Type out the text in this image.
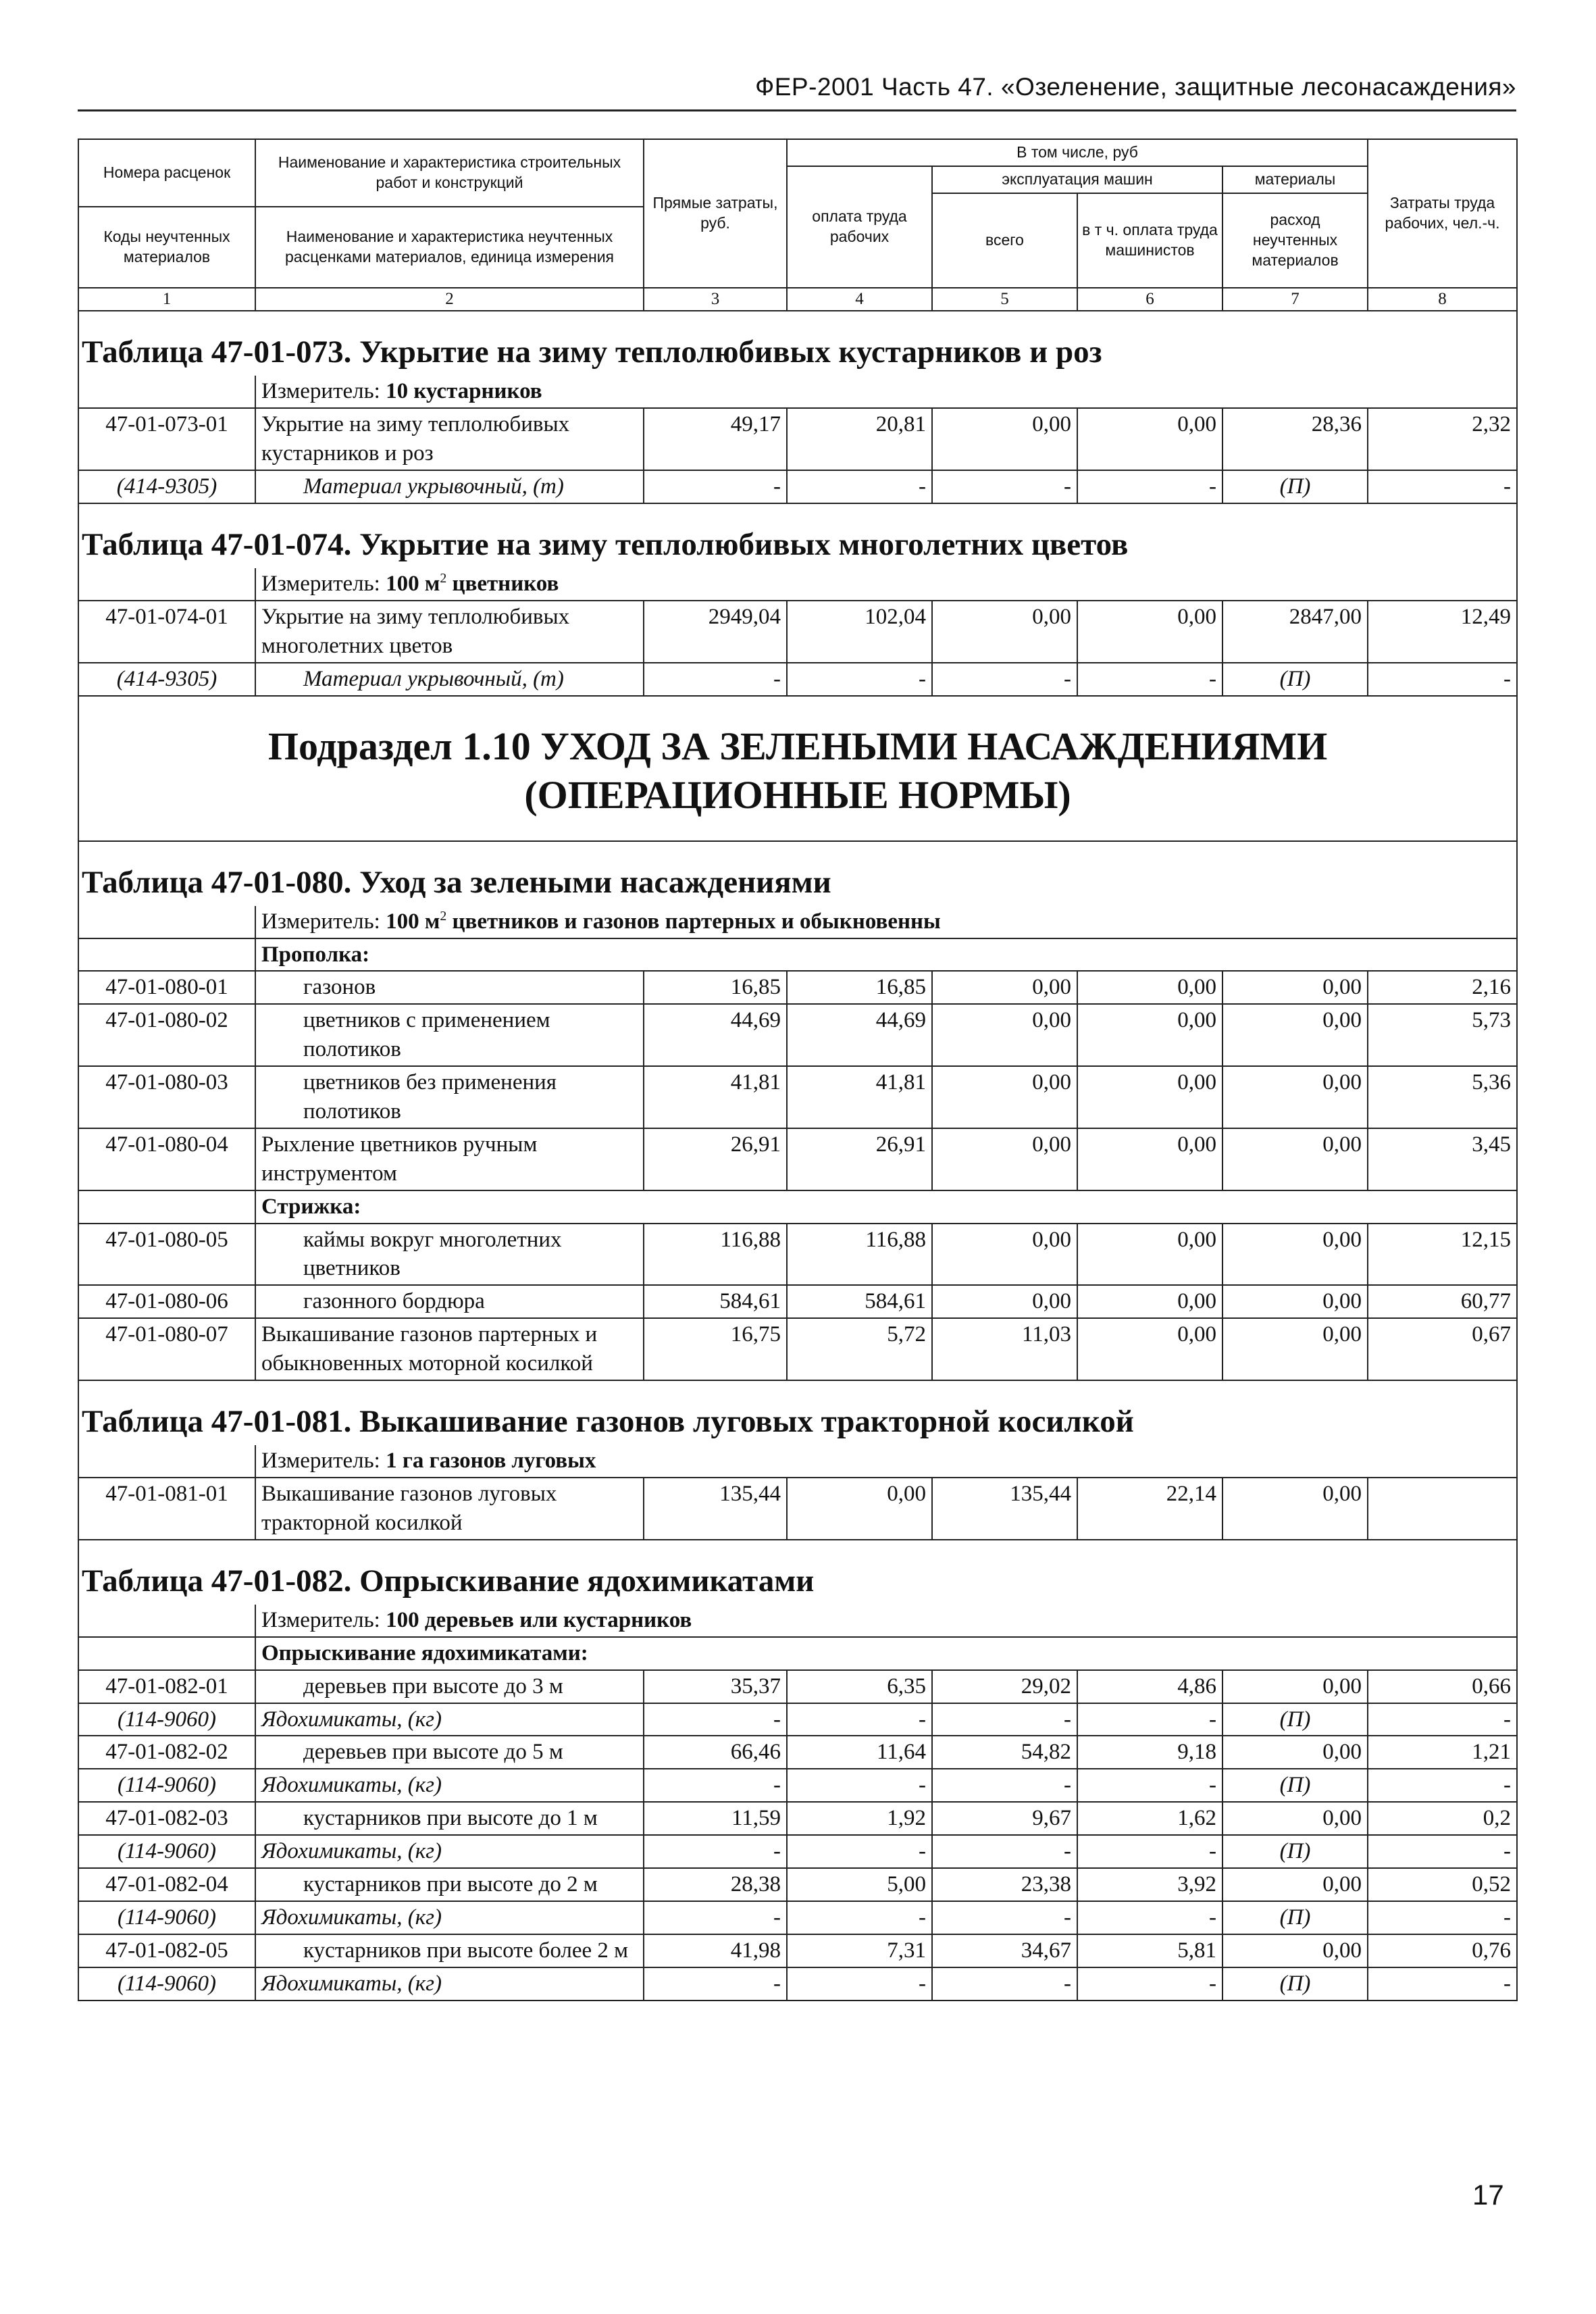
ФЕР-2001 Часть 47. «Озеленение, защитные лесонасаждения»
Номера расценок	Наименование и характеристика строительных работ и конструкций	Прямые затраты, руб.	В том числе, руб				Затраты труда рабочих, чел.-ч.
			оплата труда рабочих	эксплуатация машин		материалы	
				всего	в т ч. оплата труда машинистов	расход неучтенных материалов	
Коды неучтенных материалов	Наименование и характеристика неучтенных расценками материалов, единица измерения						

1	2	3	4	5	6	7	8
Таблица 47-01-073. Укрытие на зиму теплолюбивых кустарников и роз							
	Измеритель: 10 кустарников						
47-01-073-01	Укрытие на зиму теплолюбивых кустарников и роз	49,17	20,81	0,00	0,00	28,36	2,32
(414-9305)	Материал укрывочный, (т)	-	-	-	-	(П)	-
Таблица 47-01-074. Укрытие на зиму теплолюбивых многолетних цветов							
	Измеритель: 100 $м^2$ цветников						
47-01-074-01	Укрытие на зиму теплолюбивых многолетних цветов	2949,04	102,04	0,00	0,00	2847,00	12,49
(414-9305)	Материал укрывочный, (т)	-	-	-	-	(П)	-

Подраздел 1.10 УХОД ЗА ЗЕЛЕНЫМИ НАСАЖДЕНИЯМИ
(ОПЕРАЦИОННЫЕ НОРМЫ)							

Таблица 47-01-080. Уход за зелеными насаждениями							
	Измеритель: 100 $м^2$ цветников и газонов партерных и обыкновенны						
	Прополка:						
47-01-080-01	газонов	16,85	16,85	0,00	0,00	0,00	2,16
47-01-080-02	цветников с применением полотиков	44,69	44,69	0,00	0,00	0,00	5,73
47-01-080-03	цветников без применения полотиков	41,81	41,81	0,00	0,00	0,00	5,36
47-01-080-04	Рыхление цветников ручным инструментом	26,91	26,91	0,00	0,00	0,00	3,45
	Стрижка:						
47-01-080-05	каймы вокруг многолетних цветников	116,88	116,88	0,00	0,00	0,00	12,15
47-01-080-06	газонного бордюра	584,61	584,61	0,00	0,00	0,00	60,77
47-01-080-07	Выкашивание газонов партерных и обыкновенных моторной косилкой	16,75	5,72	11,03	0,00	0,00	0,67
Таблица 47-01-081. Выкашивание газонов луговых тракторной косилкой							
	Измеритель: 1 га газонов луговых						
47-01-081-01	Выкашивание газонов луговых тракторной косилкой	135,44	0,00	135,44	22,14	0,00	
Таблица 47-01-082. Опрыскивание ядохимикатами							
	Измеритель: 100 деревьев или кустарников						
	Опрыскивание ядохимикатами:						
47-01-082-01	деревьев при высоте до 3 м	35,37	6,35	29,02	4,86	0,00	0,66
(114-9060)	Ядохимикаты, (кг)	-	-	-	-	(П)	-
47-01-082-02	деревьев при высоте до 5 м	66,46	11,64	54,82	9,18	0,00	1,21
(114-9060)	Ядохимикаты, (кг)	-	-	-	-	(П)	-
47-01-082-03	кустарников при высоте до 1 м	11,59	1,92	9,67	1,62	0,00	0,2
(114-9060)	Ядохимикаты, (кг)	-	-	-	-	(П)	-
47-01-082-04	кустарников при высоте до 2 м	28,38	5,00	23,38	3,92	0,00	0,52
(114-9060)	Ядохимикаты, (кг)	-	-	-	-	(П)	-
47-01-082-05	кустарников при высоте более 2 м	41,98	7,31	34,67	5,81	0,00	0,76
(114-9060)	Ядохимикаты, (кг)	-	-	-	-	(П)	-
17
